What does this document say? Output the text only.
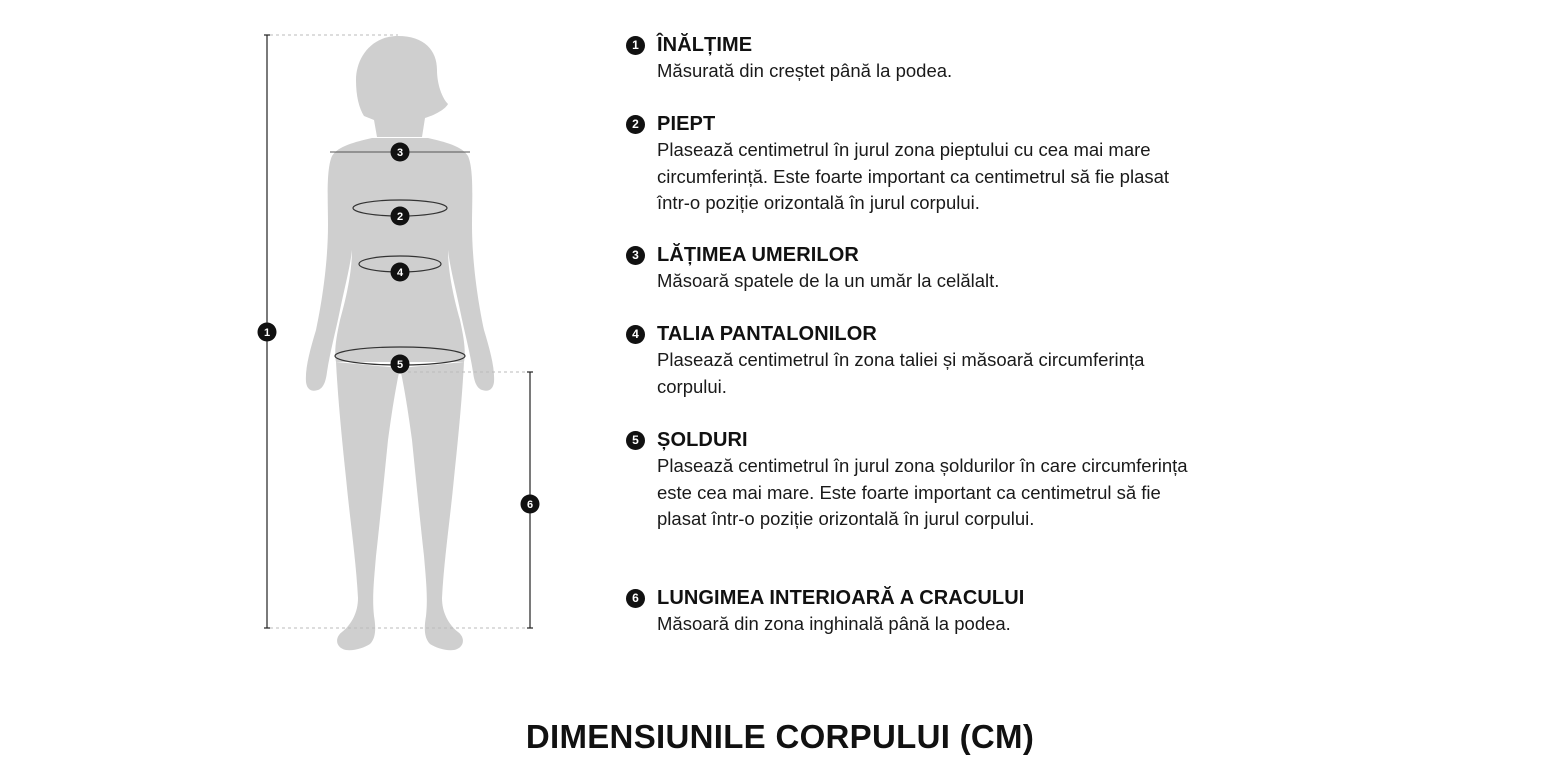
1
2
3
4
5
6
1 ÎNĂLȚIME
Măsurată din creștet până la podea.
2 PIEPT
Plasează centimetrul în jurul zona pieptului cu cea mai mare circumferință. Este foarte important ca centimetrul să fie plasat într-o poziție orizontală în jurul corpului.
3 LĂȚIMEA UMERILOR
Măsoară spatele de la un umăr la celălalt.
4 TALIA PANTALONILOR
Plasează centimetrul în zona taliei și măsoară circumferința corpului.
5 ȘOLDURI
Plasează centimetrul în jurul zona șoldurilor în care circumferința este cea mai mare. Este foarte important ca centimetrul să fie plasat într-o poziție orizontală în jurul corpului.
6 LUNGIMEA INTERIOARĂ A CRACULUI
Măsoară din zona inghinală până la podea.
DIMENSIUNILE CORPULUI (CM)
